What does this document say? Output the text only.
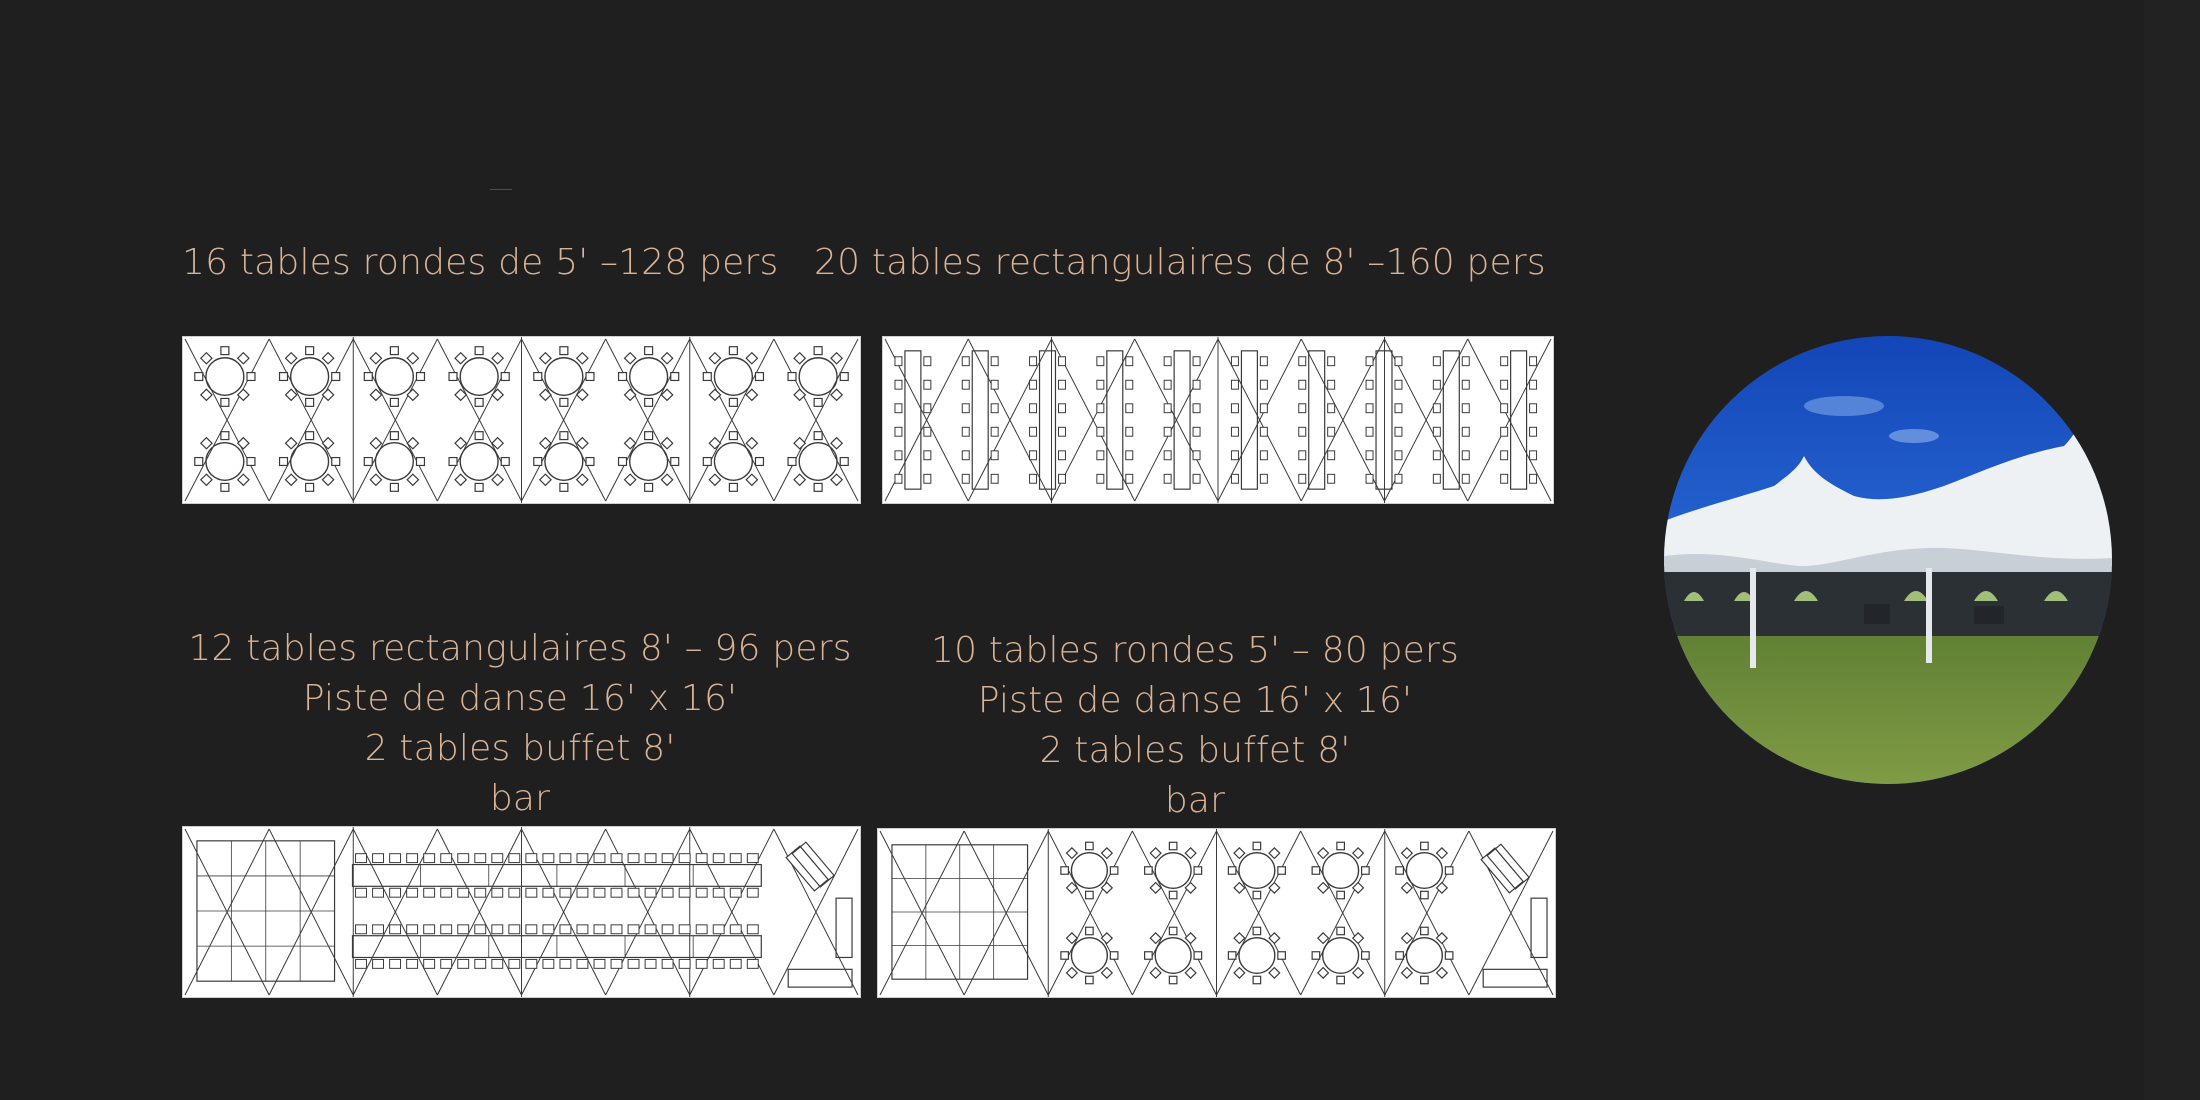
16 tables rondes de 5' –128 pers 20 tables rectangulaires de 8' –160 pers
12 tables rectangulaires 8' – 96 pers
Piste de danse 16' x 16'
2 tables buffet 8'
bar
10 tables rondes 5' – 80 pers
Piste de danse 16' x 16'
2 tables buffet 8'
bar
